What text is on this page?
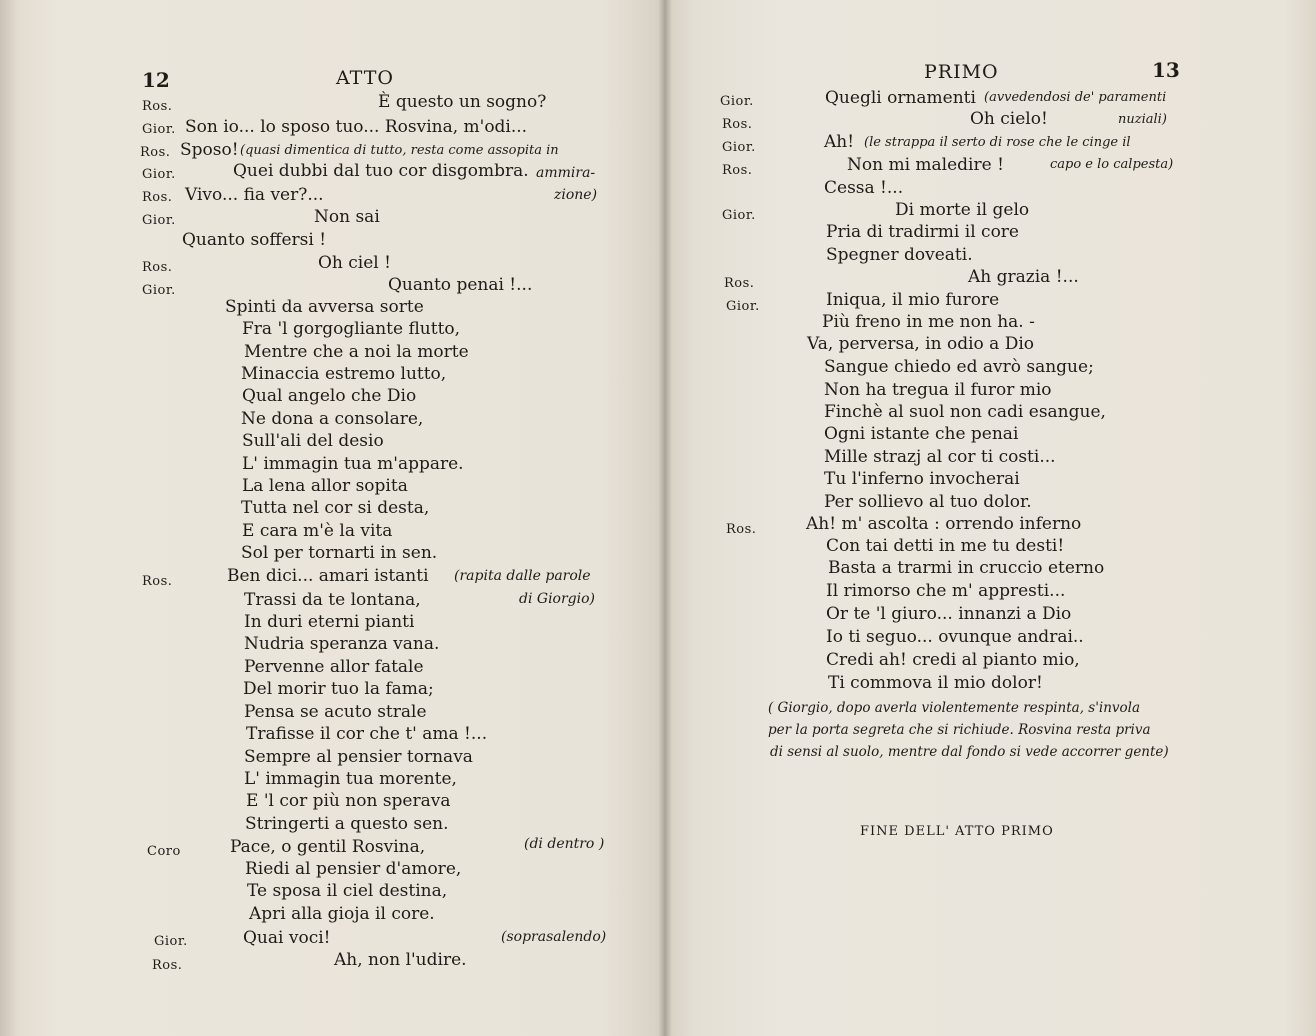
12	ATTO
Ros.	È questo un sogno?
Gior. Son io... lo sposo tuo... Rosvina, m'odi...
Ros. Sposo! (quasi dimentica di tutto, resta come assopita in
Gior.	Quei dubbi dal tuo cor disgombra. ammira-
Ros. Vivo... fia ver?...	zione)
Gior.	Non sai
Quanto soffersi !
Ros.	Oh ciel !
Gior.	Quanto penai !...
Spinti da avversa sorte
Fra 'l gorgogliante flutto,
Mentre che a noi la morte
Minaccia estremo lutto,
Qual angelo che Dio
Ne dona a consolare,
Sull'ali del desio
L' immagin tua m'appare.
La lena allor sopita
Tutta nel cor si desta,
E cara m'è la vita
Sol per tornarti in sen.
Ros.	Ben dici... amari istanti (rapita dalle parole
Trassi da te lontana,	di Giorgio)
In duri eterni pianti
Nudria speranza vana.
Pervenne allor fatale
Del morir tuo la fama;
Pensa se acuto strale
Trafisse il cor che t' ama !...
Sempre al pensier tornava
L' immagin tua morente,
E 'l cor più non sperava
Stringerti a questo sen.
Coro	Pace, o gentil Rosvina,	(di dentro )
Riedi al pensier d'amore,
Te sposa il ciel destina,
Apri alla gioja il core.
Gior.	Quai voci!	(soprasalendo)
Ros.	Ah, non l'udire.
PRIMO	13
Gior.	Quegli ornamenti (avvedendosi de' paramenti
Ros.	Oh cielo!	nuziali)
Gior.	Ah! (le strappa il serto di rose che le cinge il
Ros.	Non mi maledire !	capo e lo calpesta)
Cessa !...
Gior.	Di morte il gelo
Pria di tradirmi il core
Spegner doveati.
Ros.	Ah grazia !...
Gior.	Iniqua, il mio furore
Più freno in me non ha. -
Va, perversa, in odio a Dio
Sangue chiedo ed avrò sangue;
Non ha tregua il furor mio
Finchè al suol non cadi esangue,
Ogni istante che penai
Mille strazj al cor ti costi...
Tu l'inferno invocherai
Per sollievo al tuo dolor.
Ros.	Ah! m' ascolta : orrendo inferno
Con tai detti in me tu desti!
Basta a trarmi in cruccio eterno
Il rimorso che m' appresti...
Or te 'l giuro... innanzi a Dio
Io ti seguo... ovunque andrai..
Credi ah! credi al pianto mio,
Ti commova il mio dolor!
( Giorgio, dopo averla violentemente respinta, s'invola
per la porta segreta che si richiude. Rosvina resta priva
di sensi al suolo, mentre dal fondo si vede accorrer gente)
FINE DELL' ATTO PRIMO
